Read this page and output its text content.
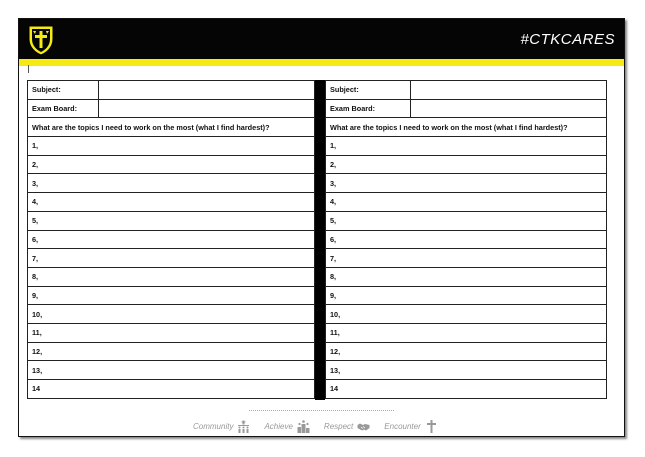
#CTKCARES
Subject:	
Exam Board:	
What are the topics I need to work on the most (what I find hardest)?	
1,	
2,	
3,	
4,	
5,	
6,	
7,	
8,	
9,	
10,	
11,	
12,	
13,	
14	
Subject:	
Exam Board:	
What are the topics I need to work on the most (what I find hardest)?	
1,	
2,	
3,	
4,	
5,	
6,	
7,	
8,	
9,	
10,	
11,	
12,	
13,	
14	
Community	Achieve	Respect	Encounter
